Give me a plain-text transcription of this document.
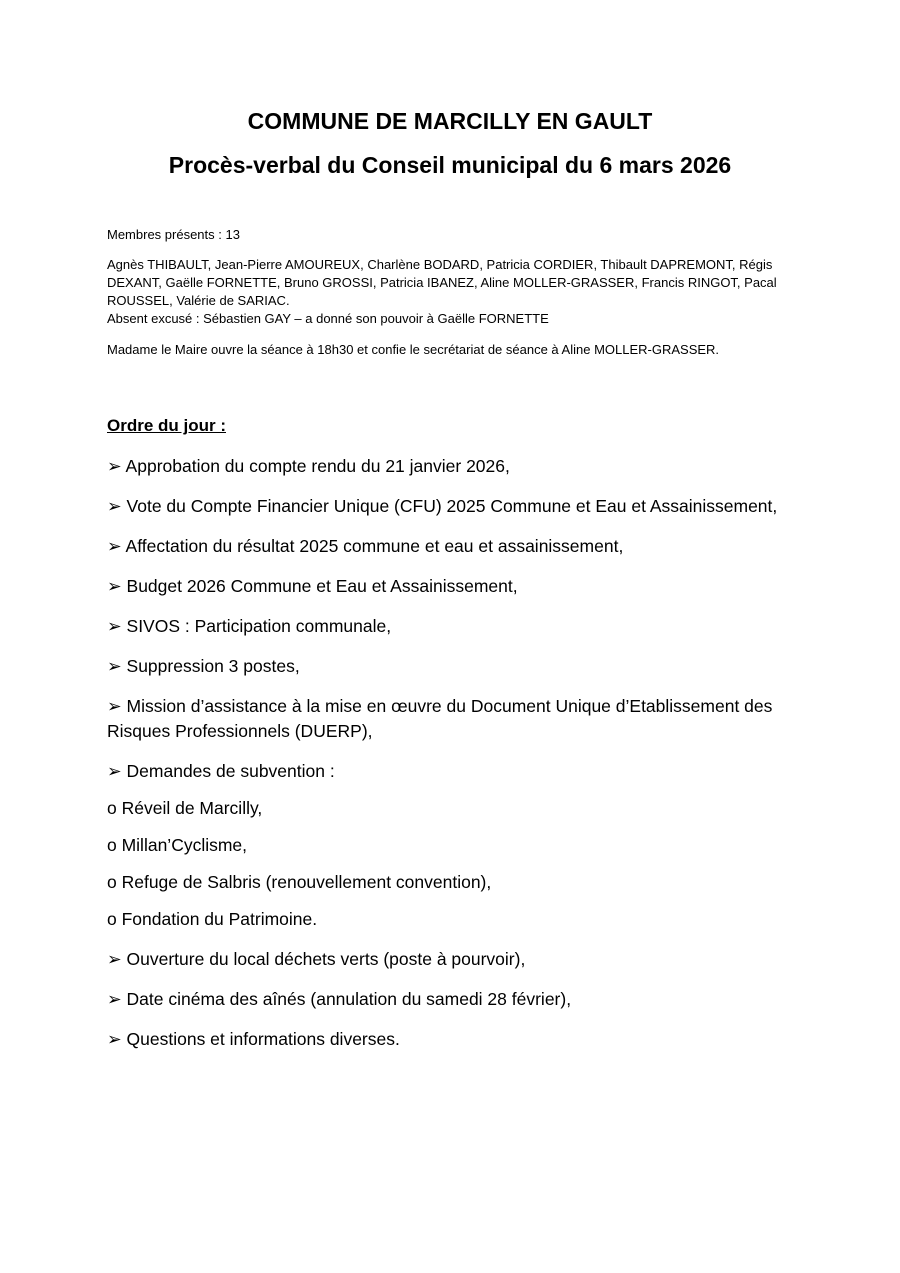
COMMUNE DE MARCILLY EN GAULT
Procès-verbal du Conseil municipal du 6 mars 2026

Membres présents : 13

Agnès THIBAULT, Jean-Pierre AMOUREUX, Charlène BODARD, Patricia CORDIER, Thibault DAPREMONT, Régis DEXANT, Gaëlle FORNETTE, Bruno GROSSI, Patricia IBANEZ, Aline MOLLER-GRASSER, Francis RINGOT, Pacal ROUSSEL, Valérie de SARIAC.
Absent excusé : Sébastien GAY – a donné son pouvoir à Gaëlle FORNETTE

Madame le Maire ouvre la séance à 18h30 et confie le secrétariat de séance à Aline MOLLER-GRASSER.

Ordre du jour :

➢ Approbation du compte rendu du 21 janvier 2026,

➢ Vote du Compte Financier Unique (CFU) 2025 Commune et Eau et Assainissement,

➢ Affectation du résultat 2025 commune et eau et assainissement,

➢ Budget 2026 Commune et Eau et Assainissement,

➢ SIVOS : Participation communale,

➢ Suppression 3 postes,

➢ Mission d’assistance à la mise en œuvre du Document Unique d’Etablissement des Risques Professionnels (DUERP),

➢ Demandes de subvention :

o Réveil de Marcilly,

o Millan’Cyclisme,

o Refuge de Salbris (renouvellement convention),

o Fondation du Patrimoine.

➢ Ouverture du local déchets verts (poste à pourvoir),

➢ Date cinéma des aînés (annulation du samedi 28 février),

➢ Questions et informations diverses.
